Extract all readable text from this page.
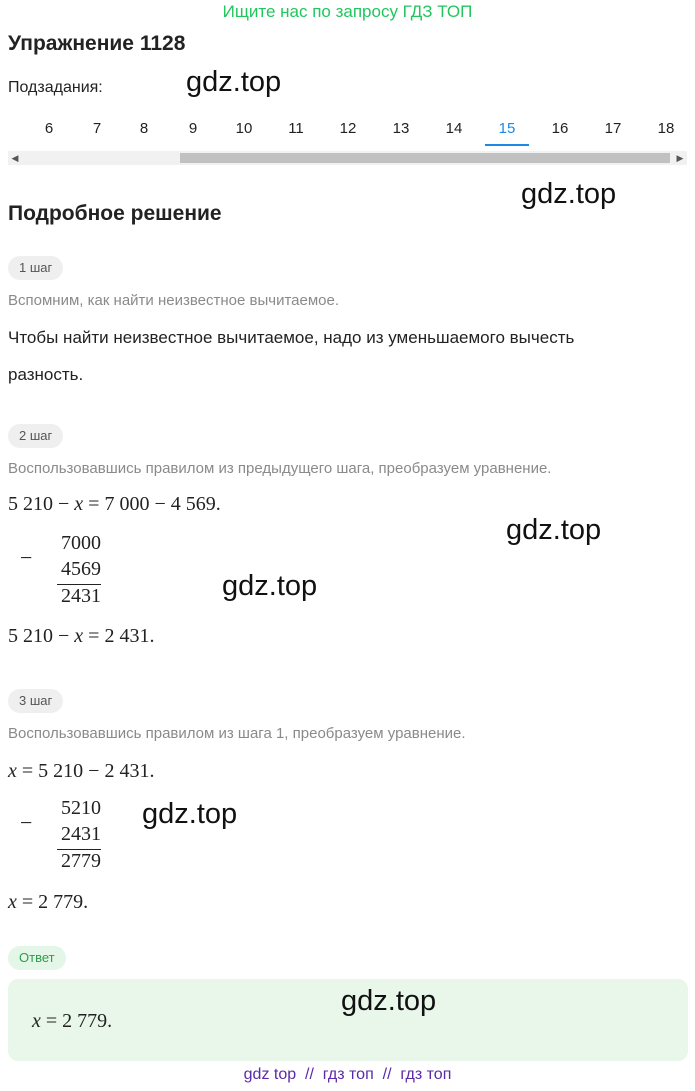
Ищите нас по запросу ГДЗ ТОП
Упражнение 1128
Подзадания:	gdz.top
6	7	8	9	10	11	12	13	14	15	16	17	18
◀	▶
gdz.top
Подробное решение
1 шаг
Вспомним, как найти неизвестное вычитаемое.
Чтобы найти неизвестное вычитаемое, надо из уменьшаемого вычесть
разность.
2 шаг
Воспользовавшись правилом из предыдущего шага, преобразуем уравнение.
5 210 − x = 7 000 − 4 569.
gdz.top
−
7000
4569
2431	gdz.top
5 210 − x = 2 431.
3 шаг
Воспользовавшись правилом из шага 1, преобразуем уравнение.
x = 5 210 − 2 431.
−
5210
2431
2779
gdz.top
x = 2 779.
Ответ
x = 2 779.
gdz.top
gdz top  //  гдз топ  //  гдз топ
